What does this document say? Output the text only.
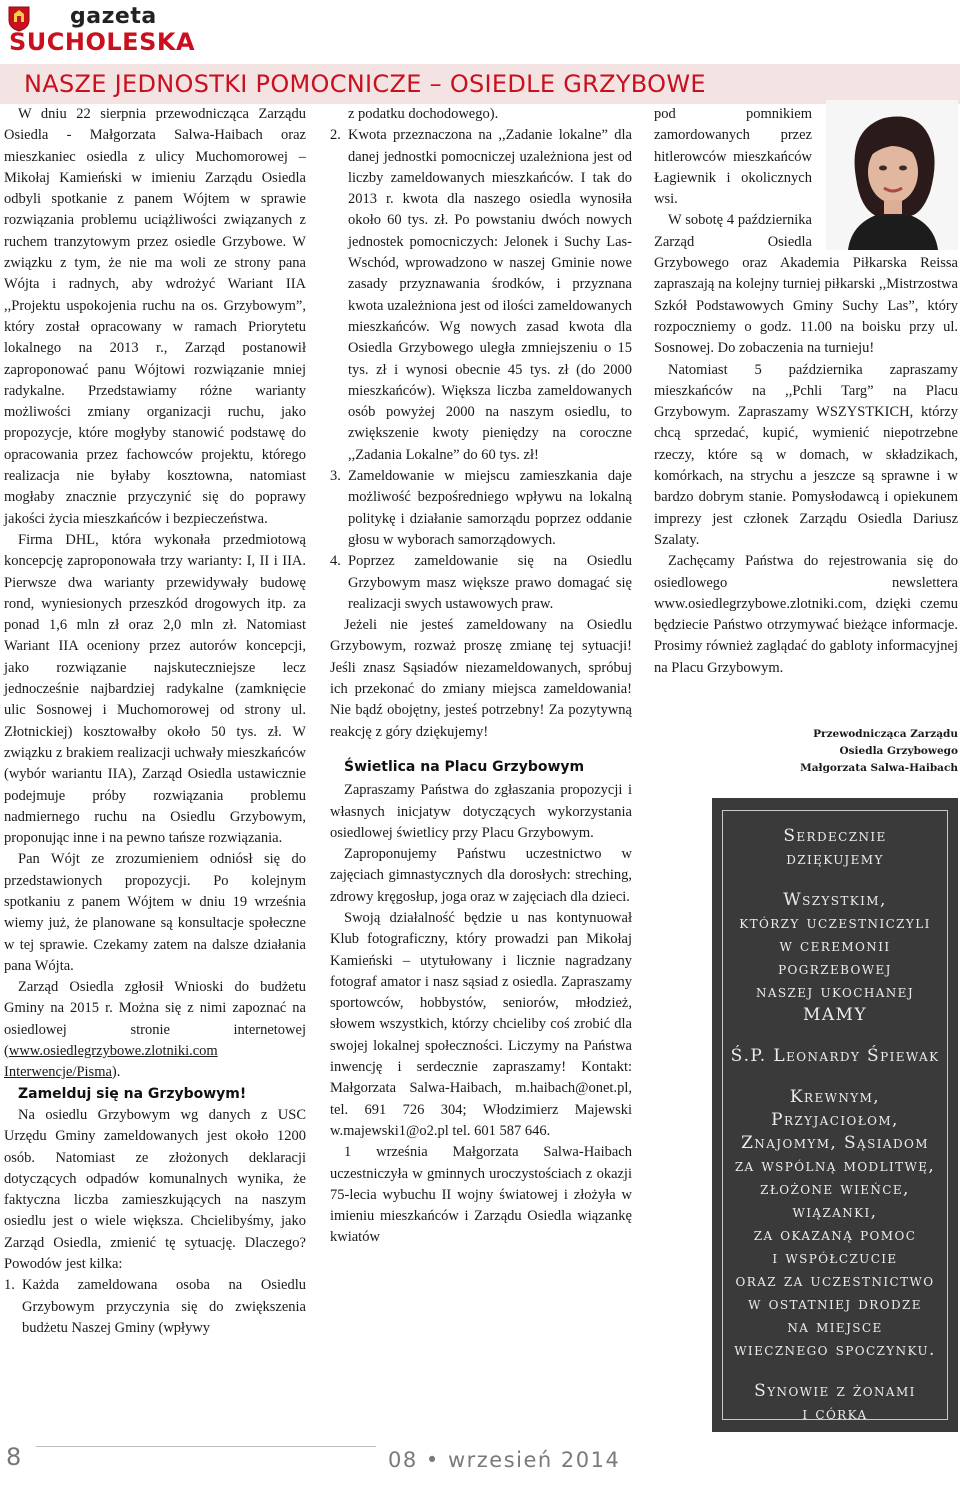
gazeta
SUCHOLESKA
NASZE JEDNOSTKI POMOCNICZE – OSIEDLE GRZYBOWE

W dniu 22 sierpnia przewodnicząca Zarządu Osiedla - Małgorzata Salwa-Haibach oraz mieszkaniec osiedla z ulicy Muchomorowej – Mikołaj Kamieński w imieniu Zarządu Osiedla odbyli spotkanie z panem Wójtem w sprawie rozwiązania problemu uciążliwości związanych z ruchem tranzytowym przez osiedle Grzybowe. W związku z tym, że nie ma woli ze strony pana Wójta i radnych, aby wdrożyć Wariant IIA ,,Projektu uspokojenia ruchu na os. Grzybowym”, który został opracowany w ramach Priorytetu lokalnego na 2013 r., Zarząd postanowił zaproponować panu Wójtowi rozwiązanie mniej radykalne. Przedstawiamy różne warianty możliwości zmiany organizacji ruchu, jako propozycje, które mogłyby stanowić podstawę do opracowania przez fachowców projektu, którego realizacja nie byłaby kosztowna, natomiast mogłaby znacznie przyczynić się do poprawy jakości życia mieszkańców i bezpieczeństwa.

Firma DHL, która wykonała przedmiotową koncepcję zaproponowała trzy warianty: I, II i IIA. Pierwsze dwa warianty przewidywały budowę rond, wyniesionych przeszkód drogowych itp. za ponad 1,6 mln zł oraz 2,0 mln zł. Natomiast Wariant IIA oceniony przez autorów koncepcji, jako rozwiązanie najskuteczniejsze lecz jednocześnie najbardziej radykalne (zamknięcie ulic Sosnowej i Muchomorowej od strony ul. Złotnickiej) kosztowałby około 50 tys. zł. W związku z brakiem realizacji uchwały mieszkańców (wybór wariantu IIA), Zarząd Osiedla ustawicznie podejmuje próby rozwiązania problemu nadmiernego ruchu na Osiedlu Grzybowym, proponując inne i na pewno tańsze rozwiązania.

Pan Wójt ze zrozumieniem odniósł się do przedstawionych propozycji. Po kolejnym spotkaniu z panem Wójtem w dniu 19 września wiemy już, że planowane są konsultacje społeczne w tej sprawie. Czekamy zatem na dalsze działania pana Wójta.

Zarząd Osiedla zgłosił Wnioski do budżetu Gminy na 2015 r. Można się z nimi zapoznać na osiedlowej stronie internetowej (www.osiedlegrzybowe.zlotniki.com Interwencje/Pisma).

Zamelduj się na Grzybowym!

Na osiedlu Grzybowym wg danych z USC Urzędu Gminy zameldowanych jest około 1200 osób. Natomiast ze złożonych deklaracji dotyczących odpadów komunalnych wynika, że faktyczna liczba zamieszkujących na naszym osiedlu jest o wiele większa. Chcielibyśmy, jako Zarząd Osiedla, zmienić tę sytuację. Dlaczego? Powodów jest kilka:

1. Każda zameldowana osoba na Osiedlu Grzybowym przyczynia się do zwiększenia budżetu Naszej Gminy (wpływy

z podatku dochodowego).

2. Kwota przeznaczona na ,,Zadanie lokalne” dla danej jednostki pomocniczej uzależniona jest od liczby zameldowanych mieszkańców. I tak do 2013 r. kwota dla naszego osiedla wynosiła około 60 tys. zł. Po powstaniu dwóch nowych jednostek pomocniczych: Jelonek i Suchy Las-Wschód, wprowadzono w naszej Gminie nowe zasady przyznawania środków, i przyznana kwota uzależniona jest od ilości zameldowanych mieszkańców. Wg nowych zasad kwota dla Osiedla Grzybowego uległa zmniejszeniu o 15 tys. zł i wynosi obecnie 45 tys. zł (do 2000 mieszkańców). Większa liczba zameldowanych osób powyżej 2000 na naszym osiedlu, to zwiększenie kwoty pieniędzy na coroczne ,,Zadania Lokalne” do 60 tys. zł!

3. Zameldowanie w miejscu zamieszkania daje możliwość bezpośredniego wpływu na lokalną politykę i działanie samorządu poprzez oddanie głosu w wyborach samorządowych.

4. Poprzez zameldowanie się na Osiedlu Grzybowym masz większe prawo domagać się realizacji swych ustawowych praw.

Jeżeli nie jesteś zameldowany na Osiedlu Grzybowym, rozważ proszę zmianę tej sytuacji! Jeśli znasz Sąsiadów niezameldowanych, spróbuj ich przekonać do zmiany miejsca zameldowania! Nie bądź obojętny, jesteś potrzebny! Za pozytywną reakcję z góry dziękujemy!

Świetlica na Placu Grzybowym

Zapraszamy Państwa do zgłaszania propozycji i własnych inicjatyw dotyczących wykorzystania osiedlowej świetlicy przy Placu Grzybowym.

Zaproponujemy Państwu uczestnictwo w zajęciach gimnastycznych dla dorosłych: streching, zdrowy kręgosłup, joga oraz w zajęciach dla dzieci.

Swoją działalność będzie u nas kontynuował Klub fotograficzny, który prowadzi pan Mikołaj Kamieński – utytułowany i licznie nagradzany fotograf amator i nasz sąsiad z osiedla. Zapraszamy sportowców, hobbystów, seniorów, młodzież, słowem wszystkich, którzy chcieliby coś zrobić dla swojej lokalnej społeczności. Liczymy na Państwa inwencję i serdecznie zapraszamy! Kontakt: Małgorzata Salwa-Haibach, m.haibach@onet.pl, tel. 691 726 304; Włodzimierz Majewski w.majewski1@o2.pl tel. 601 587 646.

1 września Małgorzata Salwa-Haibach uczestniczyła w gminnych uroczystościach z okazji 75-lecia wybuchu II wojny światowej i złożyła w imieniu mieszkańców i Zarządu Osiedla wiązankę kwiatów

pod pomnikiem zamordowanych przez hitlerowców mieszkańców Łagiewnik i okolicznych wsi.

W sobotę 4 października Zarząd Osiedla Grzybowego oraz Akademia Piłkarska Reissa zapraszają na kolejny turniej piłkarski ,,Mistrzostwa Szkół Podstawowych Gminy Suchy Las”, który rozpoczniemy o godz. 11.00 na boisku przy ul. Sosnowej. Do zobaczenia na turnieju!

Natomiast 5 października zapraszamy mieszkańców na ,,Pchli Targ” na Placu Grzybowym. Zapraszamy WSZYSTKICH, którzy chcą sprzedać, kupić, wymienić niepotrzebne rzeczy, które są w domach, w składzikach, komórkach, na strychu a jeszcze są sprawne i w bardzo dobrym stanie. Pomysłodawcą i opiekunem imprezy jest członek Zarządu Osiedla Dariusz Szalaty.

Zachęcamy Państwa do rejestrowania się do osiedlowego newslettera www.osiedlegrzybowe.zlotniki.com, dzięki czemu będziecie Państwo otrzymywać bieżące informacje. Prosimy również zaglądać do gabloty informacyjnej na Placu Grzybowym.

Przewodnicząca Zarządu
Osiedla Grzybowego
Małgorzata Salwa-Haibach
Serdecznie
dziękujemy
Wszystkim,
którzy uczestniczyli
w ceremonii pogrzebowej
naszej ukochanej MAMY
Ś.P. Leonardy Śpiewak
Krewnym, Przyjaciołom,
Znajomym, Sąsiadom
za wspólną modlitwę,
złożone wieńce,
wiązanki,
za okazaną pomoc
i współczucie
oraz za uczestnictwo
w ostatniej drodze
na miejsce
wiecznego spoczynku.
Synowie z żonami
i córka
8	08 • wrzesień 2014
